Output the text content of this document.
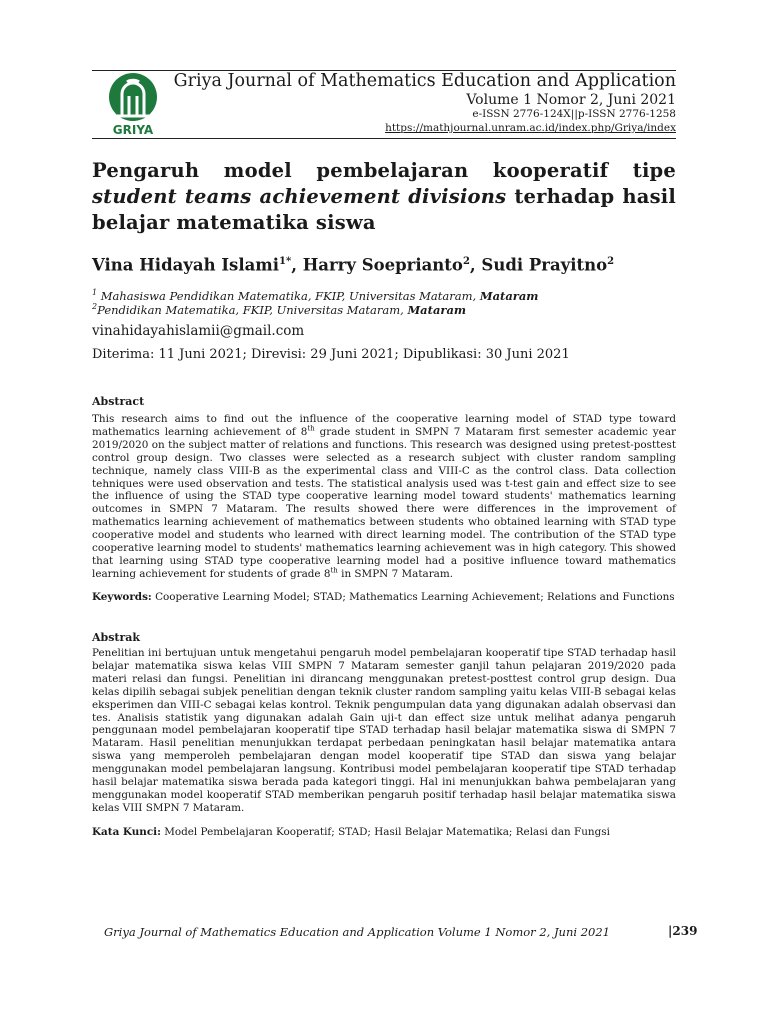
GRIYA
Griya Journal of Mathematics Education and Application
Volume 1 Nomor 2, Juni 2021
e-ISSN 2776-124X||p-ISSN 2776-1258
https://mathjournal.unram.ac.id/index.php/Griya/index
Pengaruh model pembelajaran kooperatif tipe student teams achievement divisions terhadap hasil belajar matematika siswa
Vina Hidayah Islami$^{1*}$, Harry Soeprianto$^2$, Sudi Prayitno$^2$
$^1$ Mahasiswa Pendidikan Matematika, FKIP, Universitas Mataram, Mataram
$^2$Pendidikan Matematika, FKIP, Universitas Mataram, Mataram
vinahidayahislamii@gmail.com
Diterima: 11 Juni 2021; Direvisi: 29 Juni 2021; Dipublikasi: 30 Juni 2021
Abstract
This research aims to find out the influence of the cooperative learning model of STAD type toward mathematics learning achievement of 8th grade student in SMPN 7 Mataram first semester academic year 2019/2020 on the subject matter of relations and functions. This research was designed using pretest-posttest control group design. Two classes were selected as a research subject with cluster random sampling technique, namely class VIII-B as the experimental class and VIII-C as the control class. Data collection tehniques were used observation and tests. The statistical analysis used was t-test gain and effect size to see the influence of using the STAD type cooperative learning model toward students' mathematics learning outcomes in SMPN 7 Mataram. The results showed there were differences in the improvement of mathematics learning achievement of mathematics between students who obtained learning with STAD type cooperative model and students who learned with direct learning model. The contribution of the STAD type cooperative learning model to students' mathematics learning achievement was in high category. This showed that learning using STAD type cooperative learning model had a positive influence toward mathematics learning achievement for students of grade 8th in SMPN 7 Mataram.
Keywords: Cooperative Learning Model; STAD; Mathematics Learning Achievement; Relations and Functions
Abstrak
Penelitian ini bertujuan untuk mengetahui pengaruh model pembelajaran kooperatif tipe STAD terhadap hasil belajar matematika siswa kelas VIII SMPN 7 Mataram semester ganjil tahun pelajaran 2019/2020 pada materi relasi dan fungsi. Penelitian ini dirancang menggunakan pretest-posttest control grup design. Dua kelas dipilih sebagai subjek penelitian dengan teknik cluster random sampling yaitu kelas VIII-B sebagai kelas eksperimen dan VIII-C sebagai kelas kontrol. Teknik pengumpulan data yang digunakan adalah observasi dan tes. Analisis statistik yang digunakan adalah Gain uji-t dan effect size untuk melihat adanya pengaruh penggunaan model pembelajaran kooperatif tipe STAD terhadap hasil belajar matematika siswa di SMPN 7 Mataram. Hasil penelitian menunjukkan terdapat perbedaan peningkatan hasil belajar matematika antara siswa yang memperoleh pembelajaran dengan model kooperatif tipe STAD dan siswa yang belajar menggunakan model pembelajaran langsung. Kontribusi model pembelajaran kooperatif tipe STAD terhadap hasil belajar matematika siswa berada pada kategori tinggi. Hal ini menunjukkan bahwa pembelajaran yang menggunakan model kooperatif STAD memberikan pengaruh positif terhadap hasil belajar matematika siswa kelas VIII SMPN 7 Mataram.
Kata Kunci: Model Pembelajaran Kooperatif; STAD; Hasil Belajar Matematika; Relasi dan Fungsi
Griya Journal of Mathematics Education and Application Volume 1 Nomor 2, Juni 2021	|239
